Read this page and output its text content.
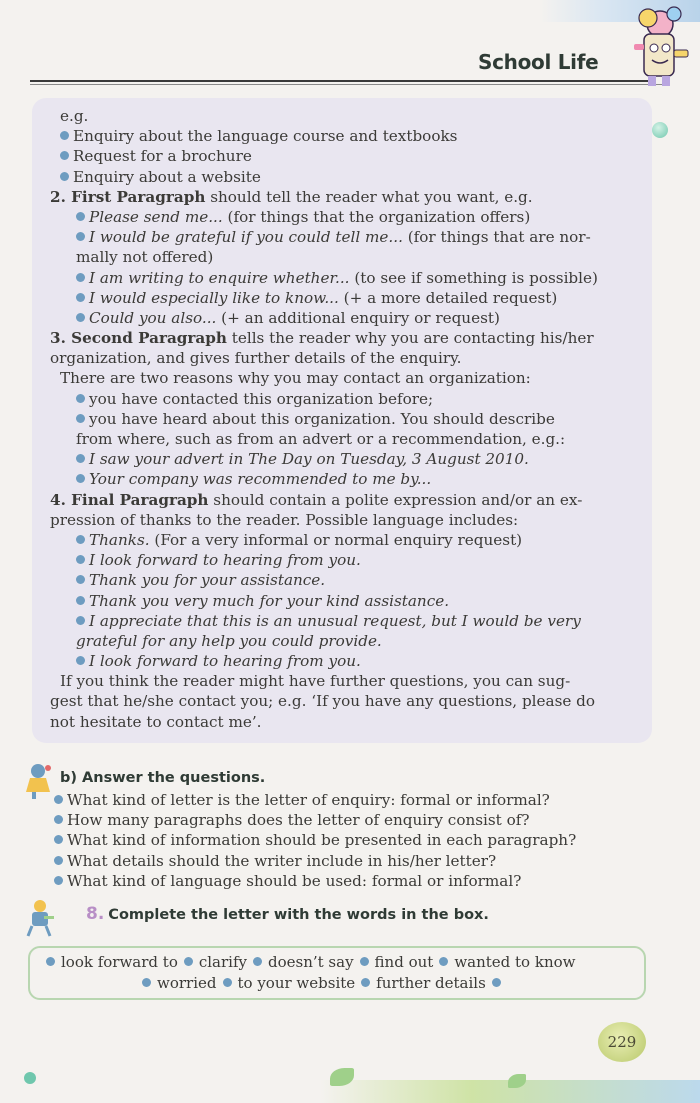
School Life
e.g.
Enquiry about the language course and textbooks
Request for a brochure
Enquiry about a website
2. First Paragraph should tell the reader what you want, e.g.
Please send me... (for things that the organization offers)
I would be grateful if you could tell me... (for things that are nor-
mally not offered)
I am writing to enquire whether... (to see if something is possible)
I would especially like to know... (+ a more detailed request)
Could you also... (+ an additional enquiry or request)
3. Second Paragraph tells the reader why you are contacting his/her
organization, and gives further details of the enquiry.
There are two reasons why you may contact an organization:
you have contacted this organization before;
you have heard about this organization. You should describe
from where, such as from an advert or a recommendation, e.g.:
I saw your advert in The Day on Tuesday, 3 August 2010.
Your company was recommended to me by...
4. Final Paragraph should contain a polite expression and/or an ex-
pression of thanks to the reader. Possible language includes:
Thanks. (For a very informal or normal enquiry request)
I look forward to hearing from you.
Thank you for your assistance.
Thank you very much for your kind assistance.
I appreciate that this is an unusual request, but I would be very
grateful for any help you could provide.
I look forward to hearing from you.
If you think the reader might have further questions, you can sug-
gest that he/she contact you; e.g. ‘If you have any questions, please do
not hesitate to contact me’.
b) Answer the questions.
What kind of letter is the letter of enquiry: formal or informal?
How many paragraphs does the letter of enquiry consist of?
What kind of information should be presented in each paragraph?
What details should the writer include in his/her letter?
What kind of language should be used: formal or informal?
8. Complete the letter with the words in the box.
look forward to clarify doesn’t say find out wanted to know
worried to your website further details
229
